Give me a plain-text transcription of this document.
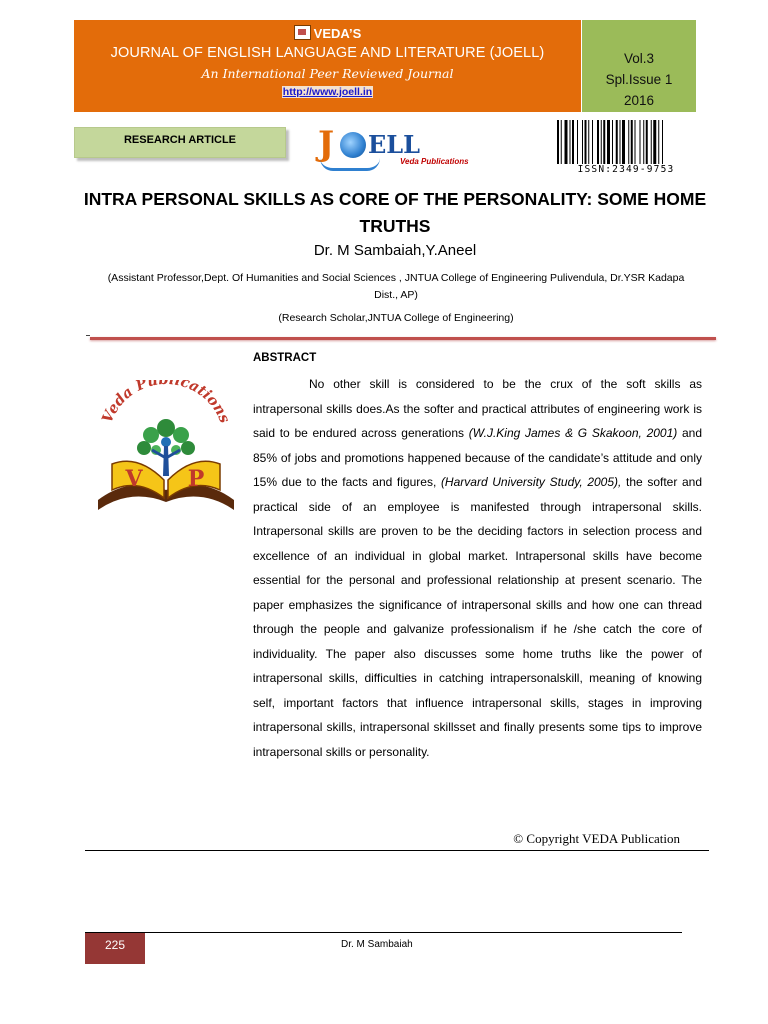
VEDA’S
JOURNAL OF ENGLISH LANGUAGE AND LITERATURE (JOELL)
An International Peer Reviewed Journal
http://www.joell.in
Vol.3
Spl.Issue 1
2016
RESEARCH ARTICLE	J ELL
Veda Publications
ISSN:2349-9753
INTRA PERSONAL SKILLS AS CORE OF THE PERSONALITY: SOME HOME TRUTHS
Dr. M Sambaiah,Y.Aneel
(Assistant Professor,Dept. Of Humanities and Social Sciences , JNTUA College of Engineering Pulivendula, Dr.YSR Kadapa Dist., AP)
(Research Scholar,JNTUA College of Engineering)
Veda Pu ications
V P
ABSTRACT

No other skill is considered to be the crux of the soft skills as intrapersonal skills does.As the softer and practical attributes of engineering work is said to be endured across generations (W.J.King James & G Skakoon, 2001) and 85% of jobs and promotions happened because of the candidate’s attitude and only 15% due to the facts and figures, (Harvard University Study, 2005), the softer and practical side of an employee is manifested through intrapersonal skills. Intrapersonal skills are proven to be the deciding factors in selection process and excellence of an individual in global market. Intrapersonal skills have become essential for the personal and professional relationship at present scenario. The paper emphasizes the significance of intrapersonal skills and how one can thread through the people and galvanize professionalism if he /she catch the core of individuality. The paper also discusses some home truths like the power of intrapersonal skills, difficulties in catching intrapersonalskill, meaning of knowing self, important factors that influence intrapersonal skills, stages in improving intrapersonal skills, intrapersonal skillsset and finally presents some tips to improve intrapersonal skills or personality.

© Copyright VEDA Publication
225	Dr. M Sambaiah
